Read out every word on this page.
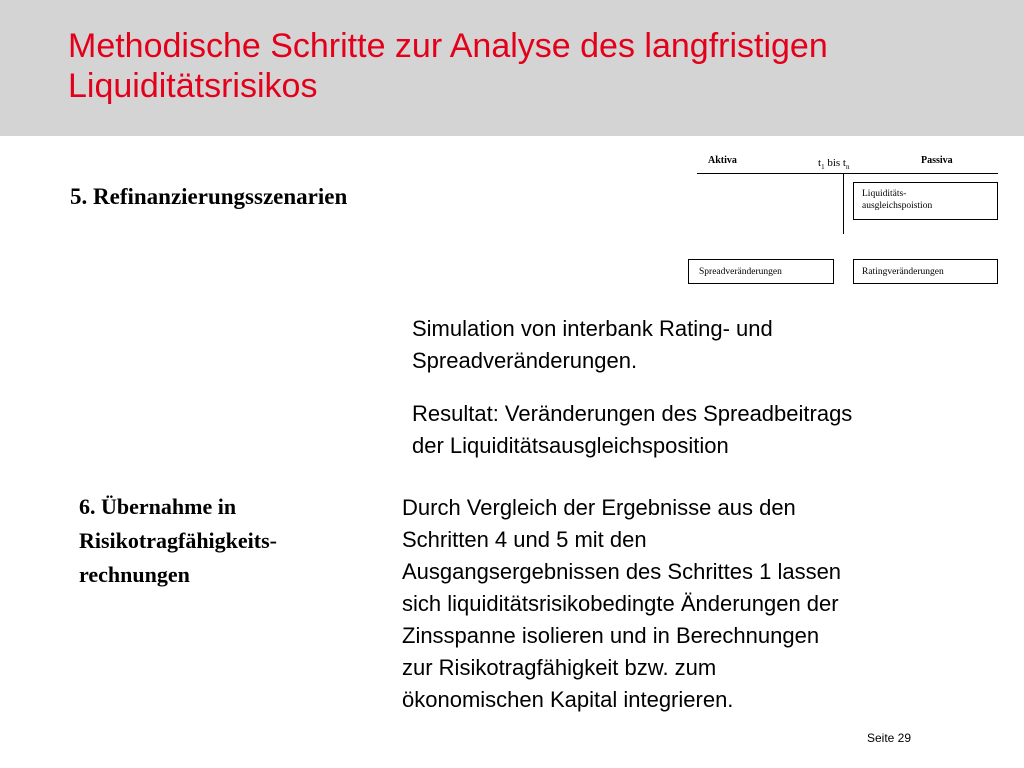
Methodische Schritte zur Analyse des langfristigen
Liquiditätsrisikos
5. Refinanzierungsszenarien
Aktiva	$t_1$ bis $t_n$
Passiva
Liquiditäts-
ausgleichspoistion
Spreadveränderungen	Ratingveränderungen

Simulation von interbank Rating- und
Spreadveränderungen.

Resultat: Veränderungen des Spreadbeitrags
der Liquiditätsausgleichsposition

6. Übernahme in
Risikotragfähigkeits-
rechnungen

Durch Vergleich der Ergebnisse aus den
Schritten 4 und 5 mit den
Ausgangsergebnissen des Schrittes 1 lassen
sich liquiditätsrisikobedingte Änderungen der
Zinsspanne isolieren und in Berechnungen
zur Risikotragfähigkeit bzw. zum
ökonomischen Kapital integrieren.

Seite 29
